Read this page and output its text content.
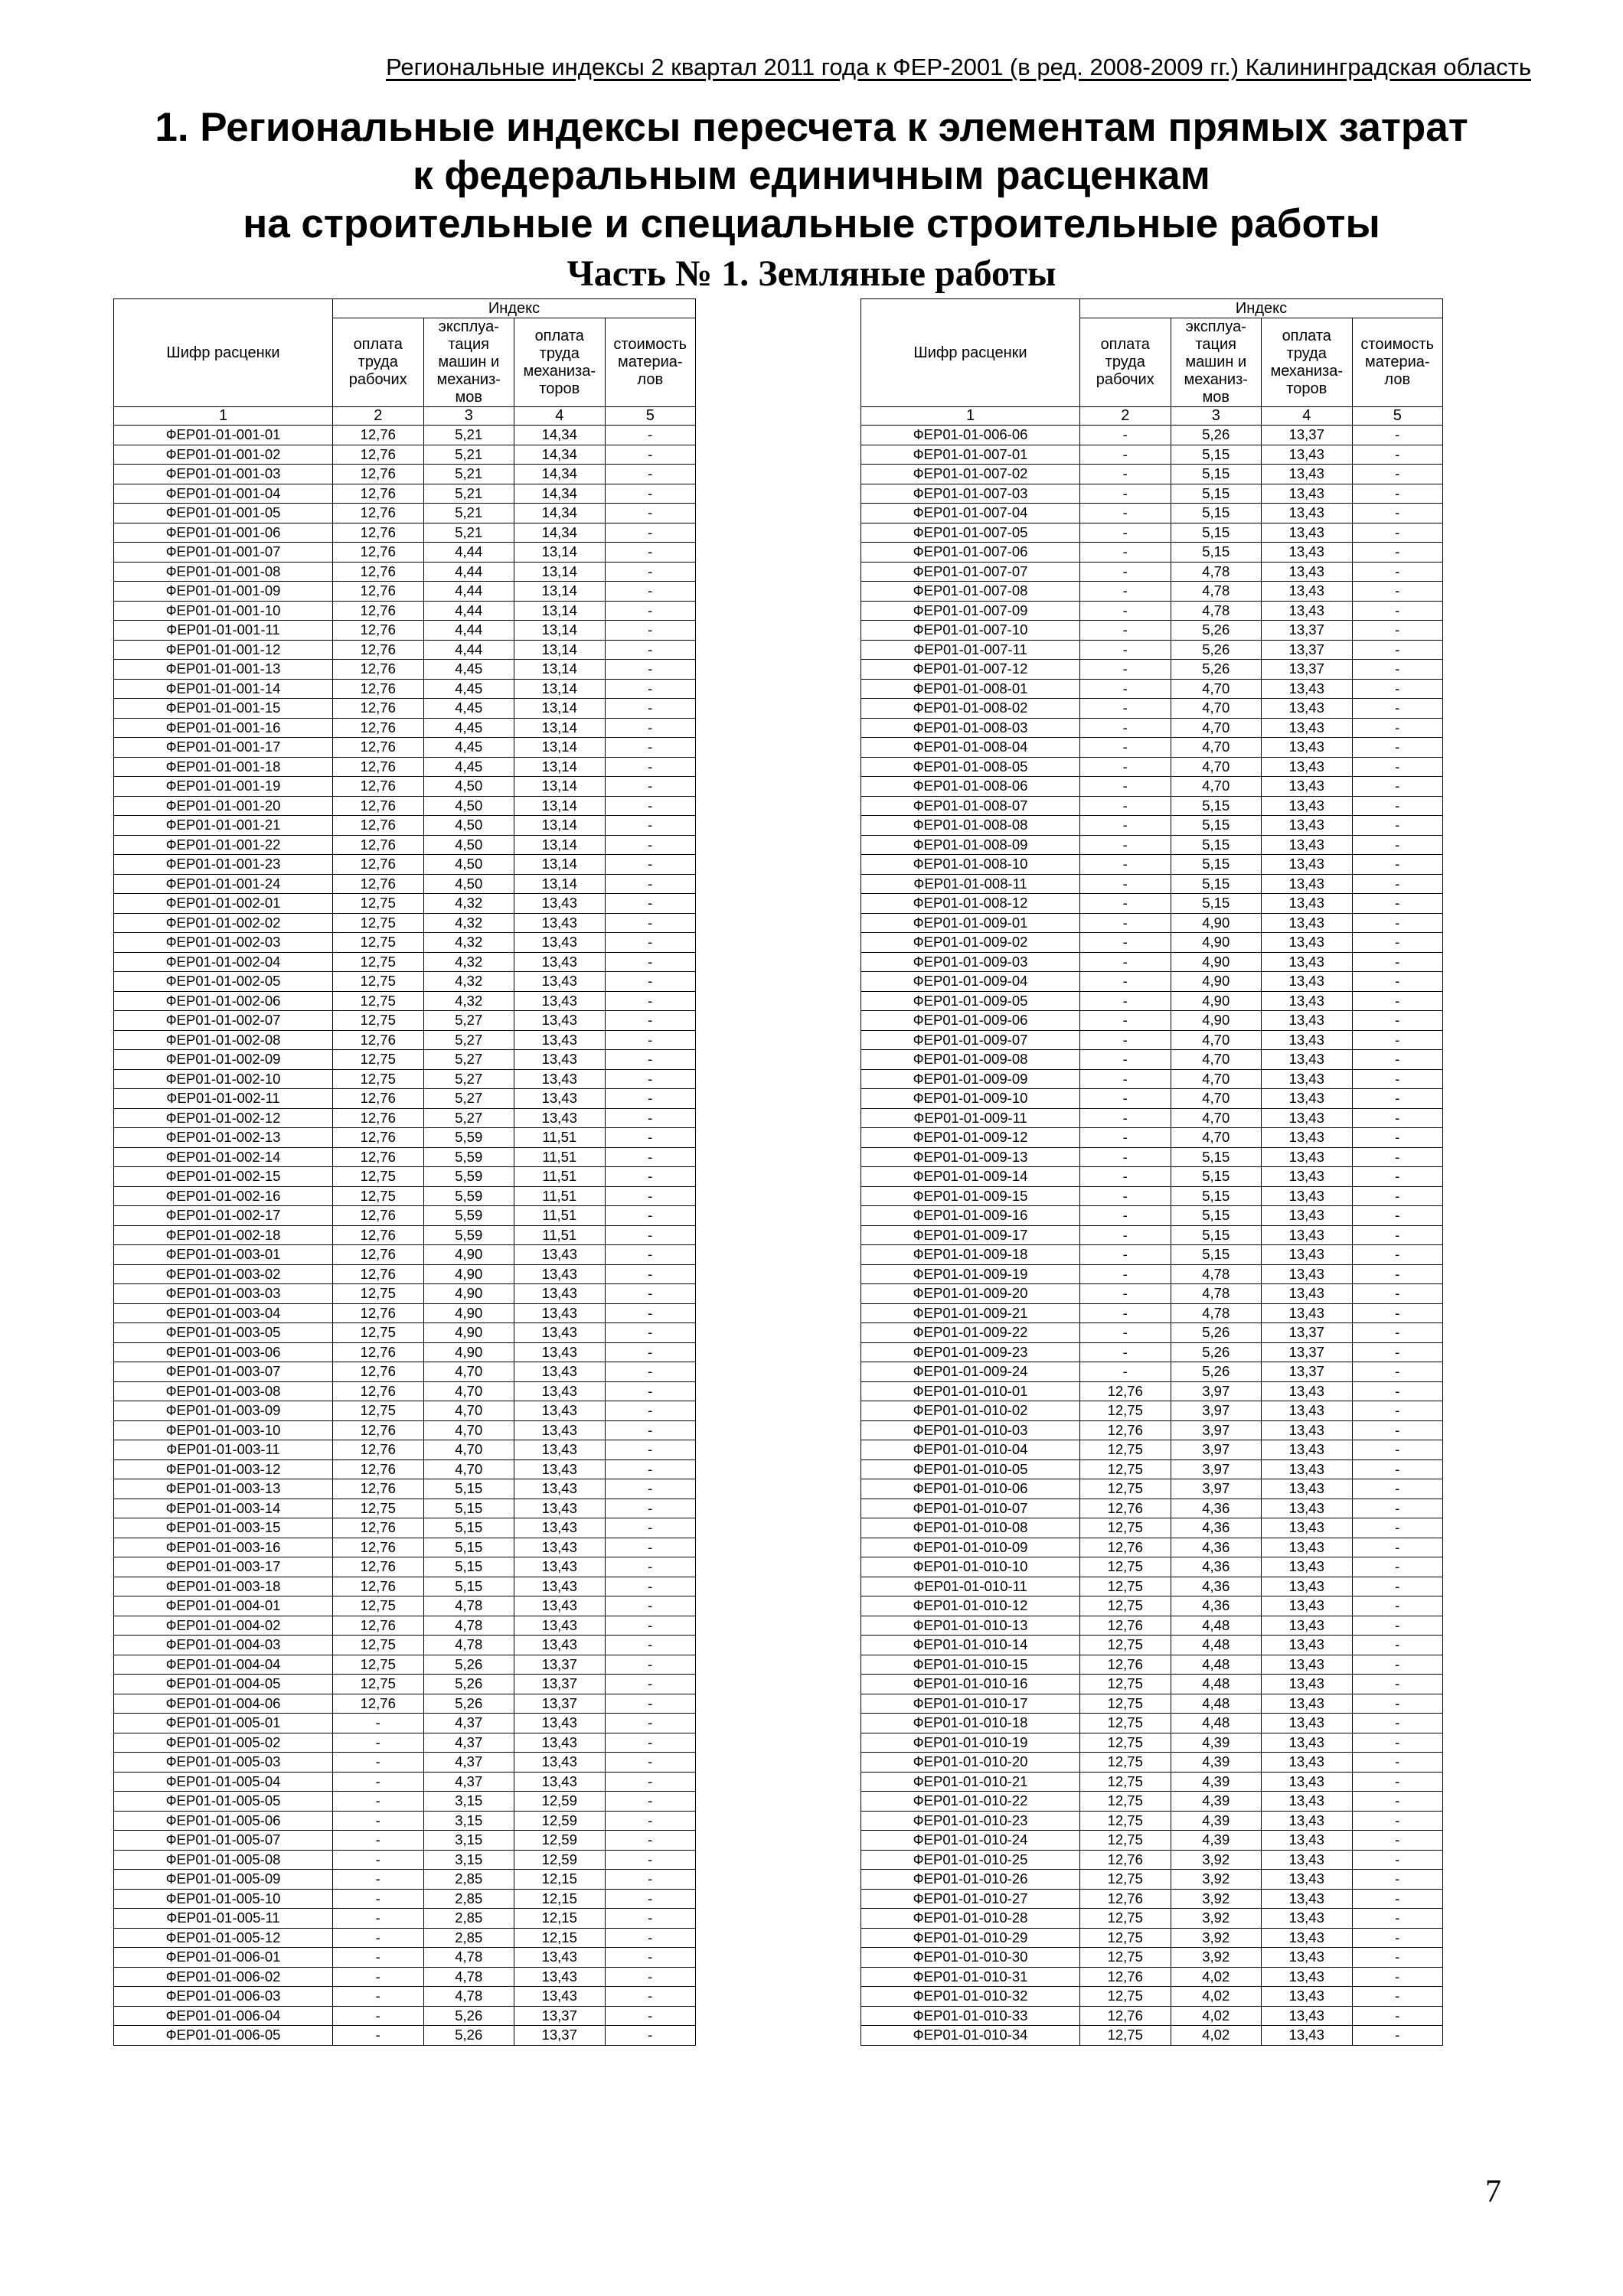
Региональные индексы 2 квартал 2011 года к ФЕР-2001 (в ред. 2008-2009 гг.) Калининградская область
1. Региональные индексы пересчета к элементам прямых затрат
к федеральным единичным расценкам
на строительные и специальные строительные работы
Часть № 1. Земляные работы
Шифр расценки	Индекс			
	оплата труда рабочих	эксплуа-тация машин и механиз-мов	оплата труда механиза-торов	стоимость материа-лов
1	2	3	4	5
ФЕР01-01-001-01	12,76	5,21	14,34	-
ФЕР01-01-001-02	12,76	5,21	14,34	-
ФЕР01-01-001-03	12,76	5,21	14,34	-
ФЕР01-01-001-04	12,76	5,21	14,34	-
ФЕР01-01-001-05	12,76	5,21	14,34	-
ФЕР01-01-001-06	12,76	5,21	14,34	-
ФЕР01-01-001-07	12,76	4,44	13,14	-
ФЕР01-01-001-08	12,76	4,44	13,14	-
ФЕР01-01-001-09	12,76	4,44	13,14	-
ФЕР01-01-001-10	12,76	4,44	13,14	-
ФЕР01-01-001-11	12,76	4,44	13,14	-
ФЕР01-01-001-12	12,76	4,44	13,14	-
ФЕР01-01-001-13	12,76	4,45	13,14	-
ФЕР01-01-001-14	12,76	4,45	13,14	-
ФЕР01-01-001-15	12,76	4,45	13,14	-
ФЕР01-01-001-16	12,76	4,45	13,14	-
ФЕР01-01-001-17	12,76	4,45	13,14	-
ФЕР01-01-001-18	12,76	4,45	13,14	-
ФЕР01-01-001-19	12,76	4,50	13,14	-
ФЕР01-01-001-20	12,76	4,50	13,14	-
ФЕР01-01-001-21	12,76	4,50	13,14	-
ФЕР01-01-001-22	12,76	4,50	13,14	-
ФЕР01-01-001-23	12,76	4,50	13,14	-
ФЕР01-01-001-24	12,76	4,50	13,14	-
ФЕР01-01-002-01	12,75	4,32	13,43	-
ФЕР01-01-002-02	12,75	4,32	13,43	-
ФЕР01-01-002-03	12,75	4,32	13,43	-
ФЕР01-01-002-04	12,75	4,32	13,43	-
ФЕР01-01-002-05	12,75	4,32	13,43	-
ФЕР01-01-002-06	12,75	4,32	13,43	-
ФЕР01-01-002-07	12,75	5,27	13,43	-
ФЕР01-01-002-08	12,76	5,27	13,43	-
ФЕР01-01-002-09	12,75	5,27	13,43	-
ФЕР01-01-002-10	12,75	5,27	13,43	-
ФЕР01-01-002-11	12,76	5,27	13,43	-
ФЕР01-01-002-12	12,76	5,27	13,43	-
ФЕР01-01-002-13	12,76	5,59	11,51	-
ФЕР01-01-002-14	12,76	5,59	11,51	-
ФЕР01-01-002-15	12,75	5,59	11,51	-
ФЕР01-01-002-16	12,75	5,59	11,51	-
ФЕР01-01-002-17	12,76	5,59	11,51	-
ФЕР01-01-002-18	12,76	5,59	11,51	-
ФЕР01-01-003-01	12,76	4,90	13,43	-
ФЕР01-01-003-02	12,76	4,90	13,43	-
ФЕР01-01-003-03	12,75	4,90	13,43	-
ФЕР01-01-003-04	12,76	4,90	13,43	-
ФЕР01-01-003-05	12,75	4,90	13,43	-
ФЕР01-01-003-06	12,76	4,90	13,43	-
ФЕР01-01-003-07	12,76	4,70	13,43	-
ФЕР01-01-003-08	12,76	4,70	13,43	-
ФЕР01-01-003-09	12,75	4,70	13,43	-
ФЕР01-01-003-10	12,76	4,70	13,43	-
ФЕР01-01-003-11	12,76	4,70	13,43	-
ФЕР01-01-003-12	12,76	4,70	13,43	-
ФЕР01-01-003-13	12,76	5,15	13,43	-
ФЕР01-01-003-14	12,75	5,15	13,43	-
ФЕР01-01-003-15	12,76	5,15	13,43	-
ФЕР01-01-003-16	12,76	5,15	13,43	-
ФЕР01-01-003-17	12,76	5,15	13,43	-
ФЕР01-01-003-18	12,76	5,15	13,43	-
ФЕР01-01-004-01	12,75	4,78	13,43	-
ФЕР01-01-004-02	12,76	4,78	13,43	-
ФЕР01-01-004-03	12,75	4,78	13,43	-
ФЕР01-01-004-04	12,75	5,26	13,37	-
ФЕР01-01-004-05	12,75	5,26	13,37	-
ФЕР01-01-004-06	12,76	5,26	13,37	-
ФЕР01-01-005-01	-	4,37	13,43	-
ФЕР01-01-005-02	-	4,37	13,43	-
ФЕР01-01-005-03	-	4,37	13,43	-
ФЕР01-01-005-04	-	4,37	13,43	-
ФЕР01-01-005-05	-	3,15	12,59	-
ФЕР01-01-005-06	-	3,15	12,59	-
ФЕР01-01-005-07	-	3,15	12,59	-
ФЕР01-01-005-08	-	3,15	12,59	-
ФЕР01-01-005-09	-	2,85	12,15	-
ФЕР01-01-005-10	-	2,85	12,15	-
ФЕР01-01-005-11	-	2,85	12,15	-
ФЕР01-01-005-12	-	2,85	12,15	-
ФЕР01-01-006-01	-	4,78	13,43	-
ФЕР01-01-006-02	-	4,78	13,43	-
ФЕР01-01-006-03	-	4,78	13,43	-
ФЕР01-01-006-04	-	5,26	13,37	-
ФЕР01-01-006-05	-	5,26	13,37	-
Шифр расценки	Индекс			
	оплата труда рабочих	эксплуа-тация машин и механиз-мов	оплата труда механиза-торов	стоимость материа-лов
1	2	3	4	5
ФЕР01-01-006-06	-	5,26	13,37	-
ФЕР01-01-007-01	-	5,15	13,43	-
ФЕР01-01-007-02	-	5,15	13,43	-
ФЕР01-01-007-03	-	5,15	13,43	-
ФЕР01-01-007-04	-	5,15	13,43	-
ФЕР01-01-007-05	-	5,15	13,43	-
ФЕР01-01-007-06	-	5,15	13,43	-
ФЕР01-01-007-07	-	4,78	13,43	-
ФЕР01-01-007-08	-	4,78	13,43	-
ФЕР01-01-007-09	-	4,78	13,43	-
ФЕР01-01-007-10	-	5,26	13,37	-
ФЕР01-01-007-11	-	5,26	13,37	-
ФЕР01-01-007-12	-	5,26	13,37	-
ФЕР01-01-008-01	-	4,70	13,43	-
ФЕР01-01-008-02	-	4,70	13,43	-
ФЕР01-01-008-03	-	4,70	13,43	-
ФЕР01-01-008-04	-	4,70	13,43	-
ФЕР01-01-008-05	-	4,70	13,43	-
ФЕР01-01-008-06	-	4,70	13,43	-
ФЕР01-01-008-07	-	5,15	13,43	-
ФЕР01-01-008-08	-	5,15	13,43	-
ФЕР01-01-008-09	-	5,15	13,43	-
ФЕР01-01-008-10	-	5,15	13,43	-
ФЕР01-01-008-11	-	5,15	13,43	-
ФЕР01-01-008-12	-	5,15	13,43	-
ФЕР01-01-009-01	-	4,90	13,43	-
ФЕР01-01-009-02	-	4,90	13,43	-
ФЕР01-01-009-03	-	4,90	13,43	-
ФЕР01-01-009-04	-	4,90	13,43	-
ФЕР01-01-009-05	-	4,90	13,43	-
ФЕР01-01-009-06	-	4,90	13,43	-
ФЕР01-01-009-07	-	4,70	13,43	-
ФЕР01-01-009-08	-	4,70	13,43	-
ФЕР01-01-009-09	-	4,70	13,43	-
ФЕР01-01-009-10	-	4,70	13,43	-
ФЕР01-01-009-11	-	4,70	13,43	-
ФЕР01-01-009-12	-	4,70	13,43	-
ФЕР01-01-009-13	-	5,15	13,43	-
ФЕР01-01-009-14	-	5,15	13,43	-
ФЕР01-01-009-15	-	5,15	13,43	-
ФЕР01-01-009-16	-	5,15	13,43	-
ФЕР01-01-009-17	-	5,15	13,43	-
ФЕР01-01-009-18	-	5,15	13,43	-
ФЕР01-01-009-19	-	4,78	13,43	-
ФЕР01-01-009-20	-	4,78	13,43	-
ФЕР01-01-009-21	-	4,78	13,43	-
ФЕР01-01-009-22	-	5,26	13,37	-
ФЕР01-01-009-23	-	5,26	13,37	-
ФЕР01-01-009-24	-	5,26	13,37	-
ФЕР01-01-010-01	12,76	3,97	13,43	-
ФЕР01-01-010-02	12,75	3,97	13,43	-
ФЕР01-01-010-03	12,76	3,97	13,43	-
ФЕР01-01-010-04	12,75	3,97	13,43	-
ФЕР01-01-010-05	12,75	3,97	13,43	-
ФЕР01-01-010-06	12,75	3,97	13,43	-
ФЕР01-01-010-07	12,76	4,36	13,43	-
ФЕР01-01-010-08	12,75	4,36	13,43	-
ФЕР01-01-010-09	12,76	4,36	13,43	-
ФЕР01-01-010-10	12,75	4,36	13,43	-
ФЕР01-01-010-11	12,75	4,36	13,43	-
ФЕР01-01-010-12	12,75	4,36	13,43	-
ФЕР01-01-010-13	12,76	4,48	13,43	-
ФЕР01-01-010-14	12,75	4,48	13,43	-
ФЕР01-01-010-15	12,76	4,48	13,43	-
ФЕР01-01-010-16	12,75	4,48	13,43	-
ФЕР01-01-010-17	12,75	4,48	13,43	-
ФЕР01-01-010-18	12,75	4,48	13,43	-
ФЕР01-01-010-19	12,75	4,39	13,43	-
ФЕР01-01-010-20	12,75	4,39	13,43	-
ФЕР01-01-010-21	12,75	4,39	13,43	-
ФЕР01-01-010-22	12,75	4,39	13,43	-
ФЕР01-01-010-23	12,75	4,39	13,43	-
ФЕР01-01-010-24	12,75	4,39	13,43	-
ФЕР01-01-010-25	12,76	3,92	13,43	-
ФЕР01-01-010-26	12,75	3,92	13,43	-
ФЕР01-01-010-27	12,76	3,92	13,43	-
ФЕР01-01-010-28	12,75	3,92	13,43	-
ФЕР01-01-010-29	12,75	3,92	13,43	-
ФЕР01-01-010-30	12,75	3,92	13,43	-
ФЕР01-01-010-31	12,76	4,02	13,43	-
ФЕР01-01-010-32	12,75	4,02	13,43	-
ФЕР01-01-010-33	12,76	4,02	13,43	-
ФЕР01-01-010-34	12,75	4,02	13,43	-
7
